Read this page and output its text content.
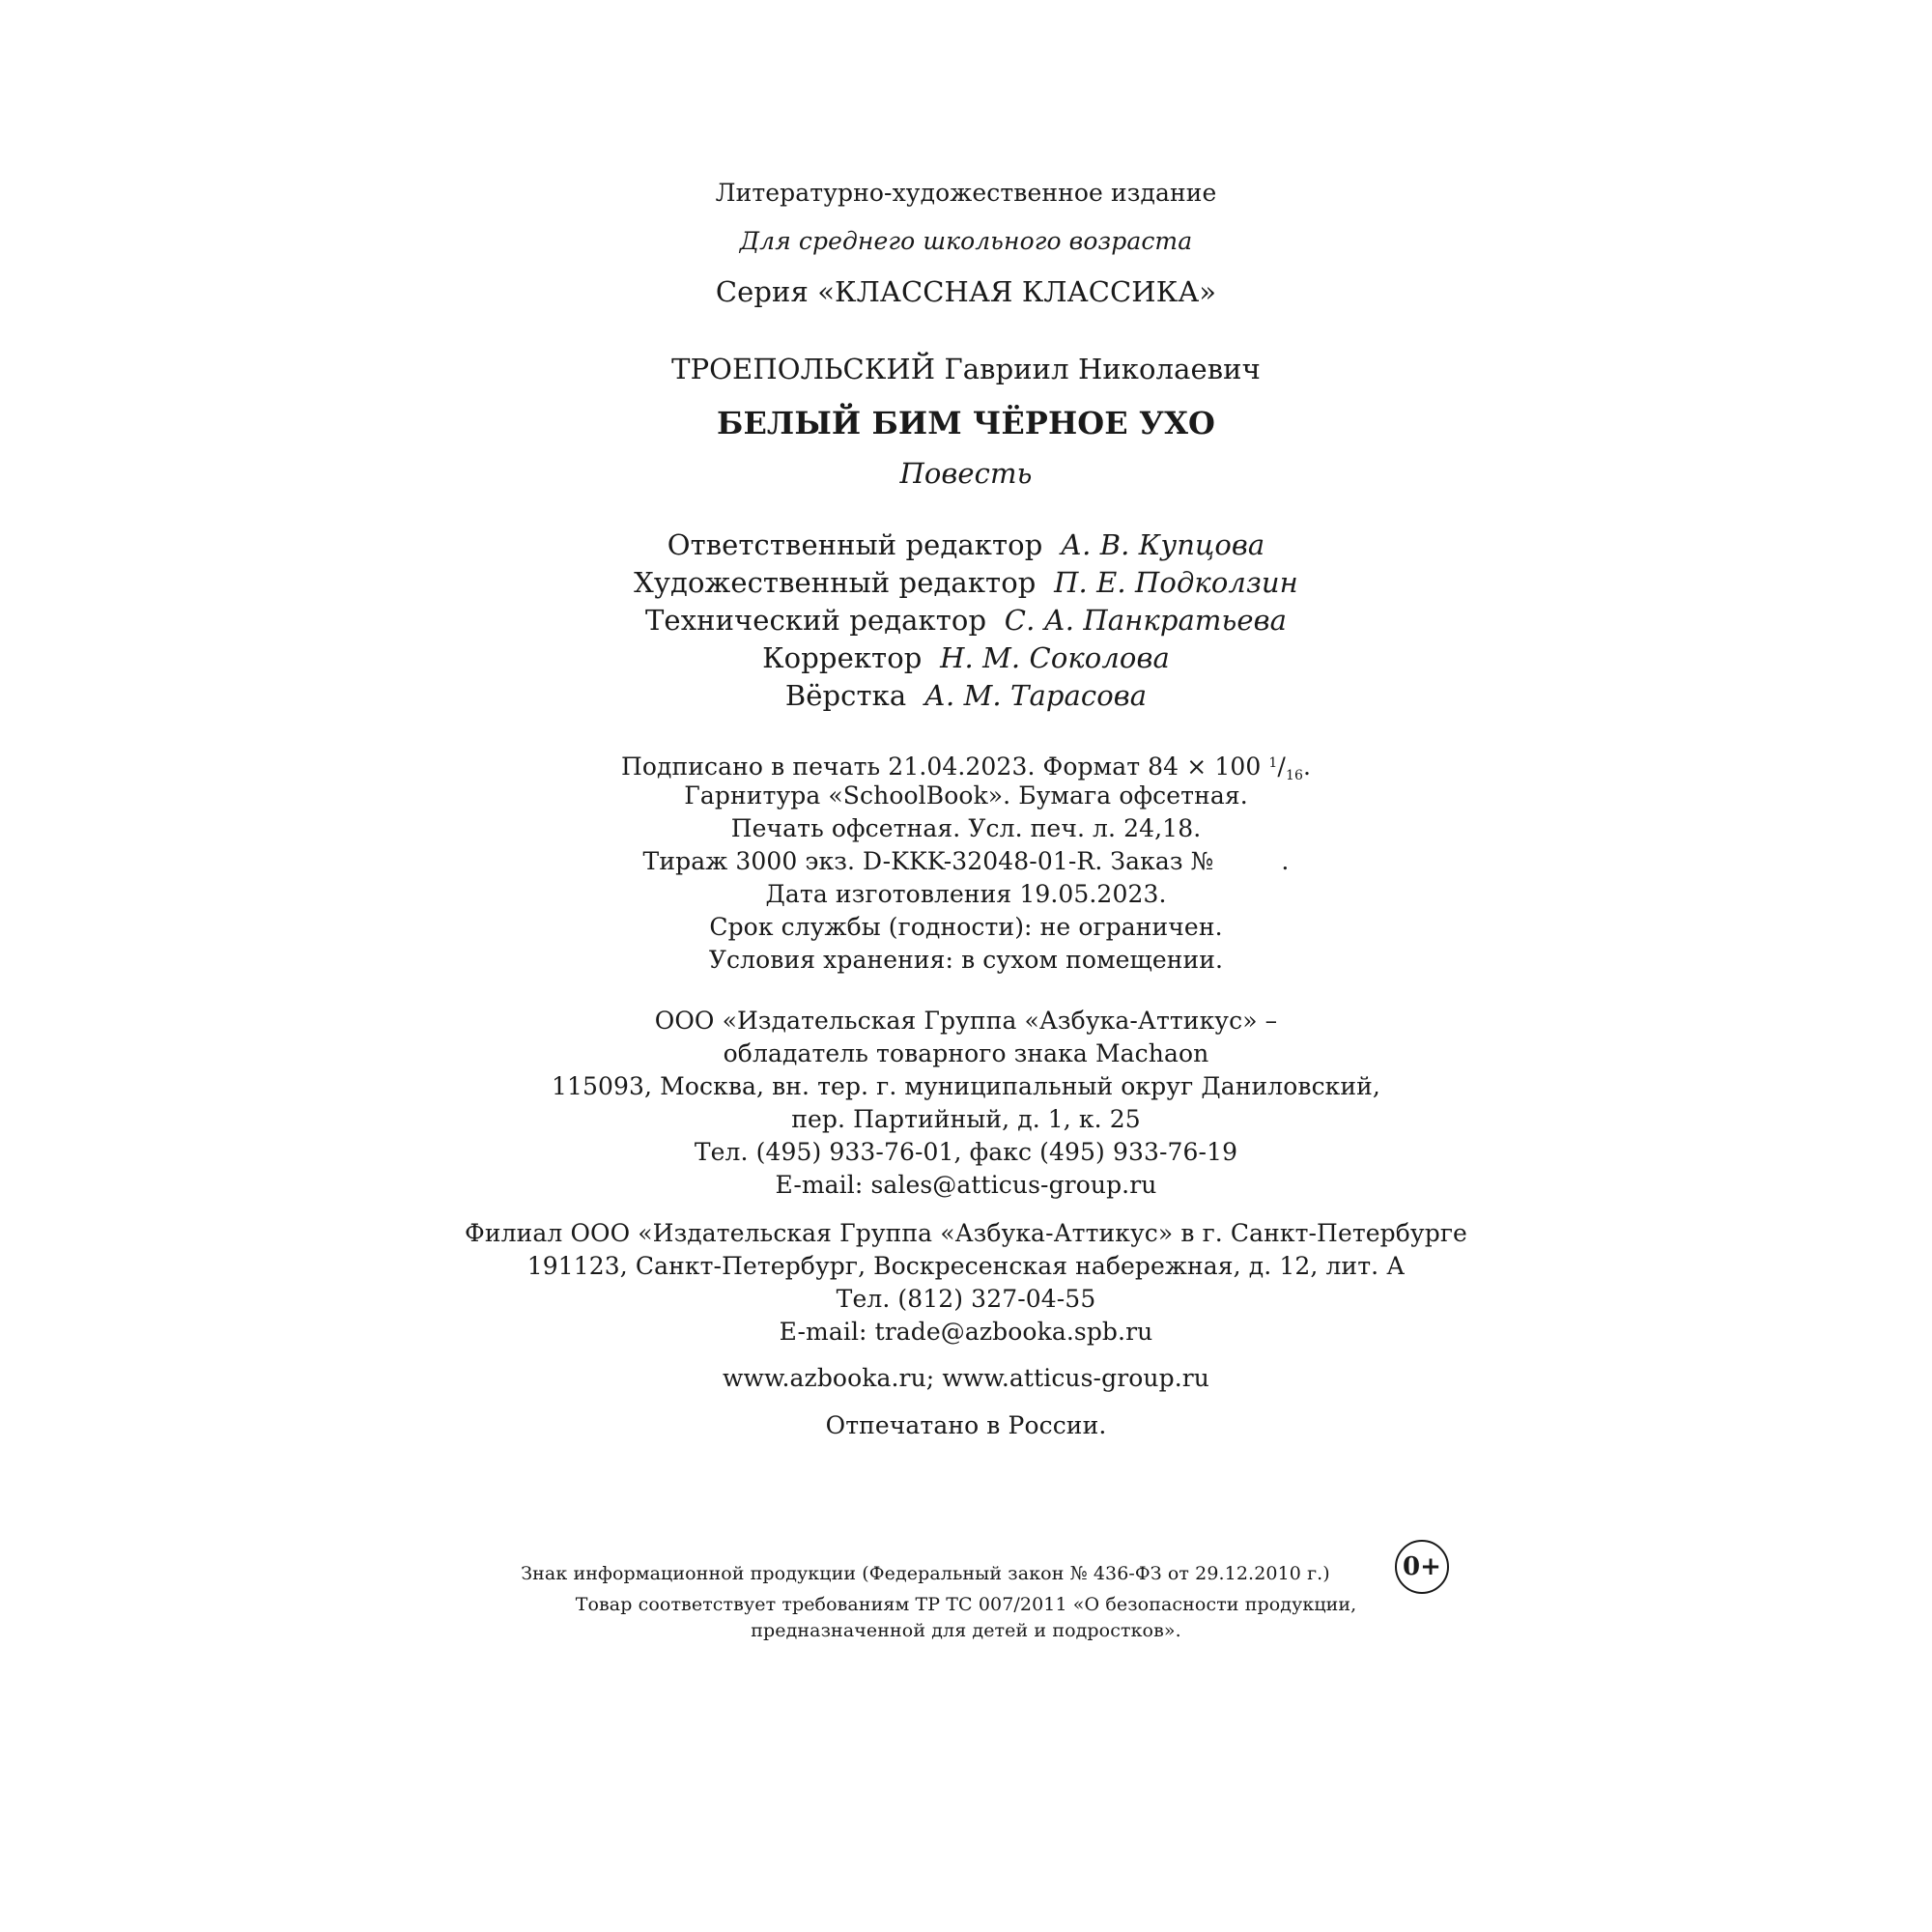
Литературно-художественное издание
Для среднего школьного возраста
Серия «КЛАССНАЯ КЛАССИКА»
ТРОЕПОЛЬСКИЙ Гавриил Николаевич
БЕЛЫЙ БИМ ЧЁРНОЕ УХО
Повесть
Ответственный редактор А. В. Купцова
Художественный редактор П. Е. Подколзин
Технический редактор С. А. Панкратьева
Корректор Н. М. Соколова
Вёрстка А. М. Тарасова
Подписано в печать 21.04.2023. Формат 84 × 100 $^1/_{16}$.
Гарнитура «SchoolBook». Бумага офсетная.
Печать офсетная. Усл. печ. л. 24,18.
Тираж 3000 экз. D-KKK-32048-01-R. Заказ №	.
Дата изготовления 19.05.2023.
Срок службы (годности): не ограничен.
Условия хранения: в сухом помещении.
ООО «Издательская Группа «Азбука-Аттикус» –
обладатель товарного знака Machaon
115093, Москва, вн. тер. г. муниципальный округ Даниловский,
пер. Партийный, д. 1, к. 25
Тел. (495) 933-76-01, факс (495) 933-76-19
E-mail: sales@atticus-group.ru
Филиал ООО «Издательская Группа «Азбука-Аттикус» в г. Санкт-Петербурге
191123, Санкт-Петербург, Воскресенская набережная, д. 12, лит. А
Тел. (812) 327-04-55
E-mail: trade@azbooka.spb.ru
www.azbooka.ru; www.atticus-group.ru
Отпечатано в России.
Знак информационной продукции (Федеральный закон № 436-ФЗ от 29.12.2010 г.)	0+
Товар соответствует требованиям ТР ТС 007/2011 «О безопасности продукции,
предназначенной для детей и подростков».
